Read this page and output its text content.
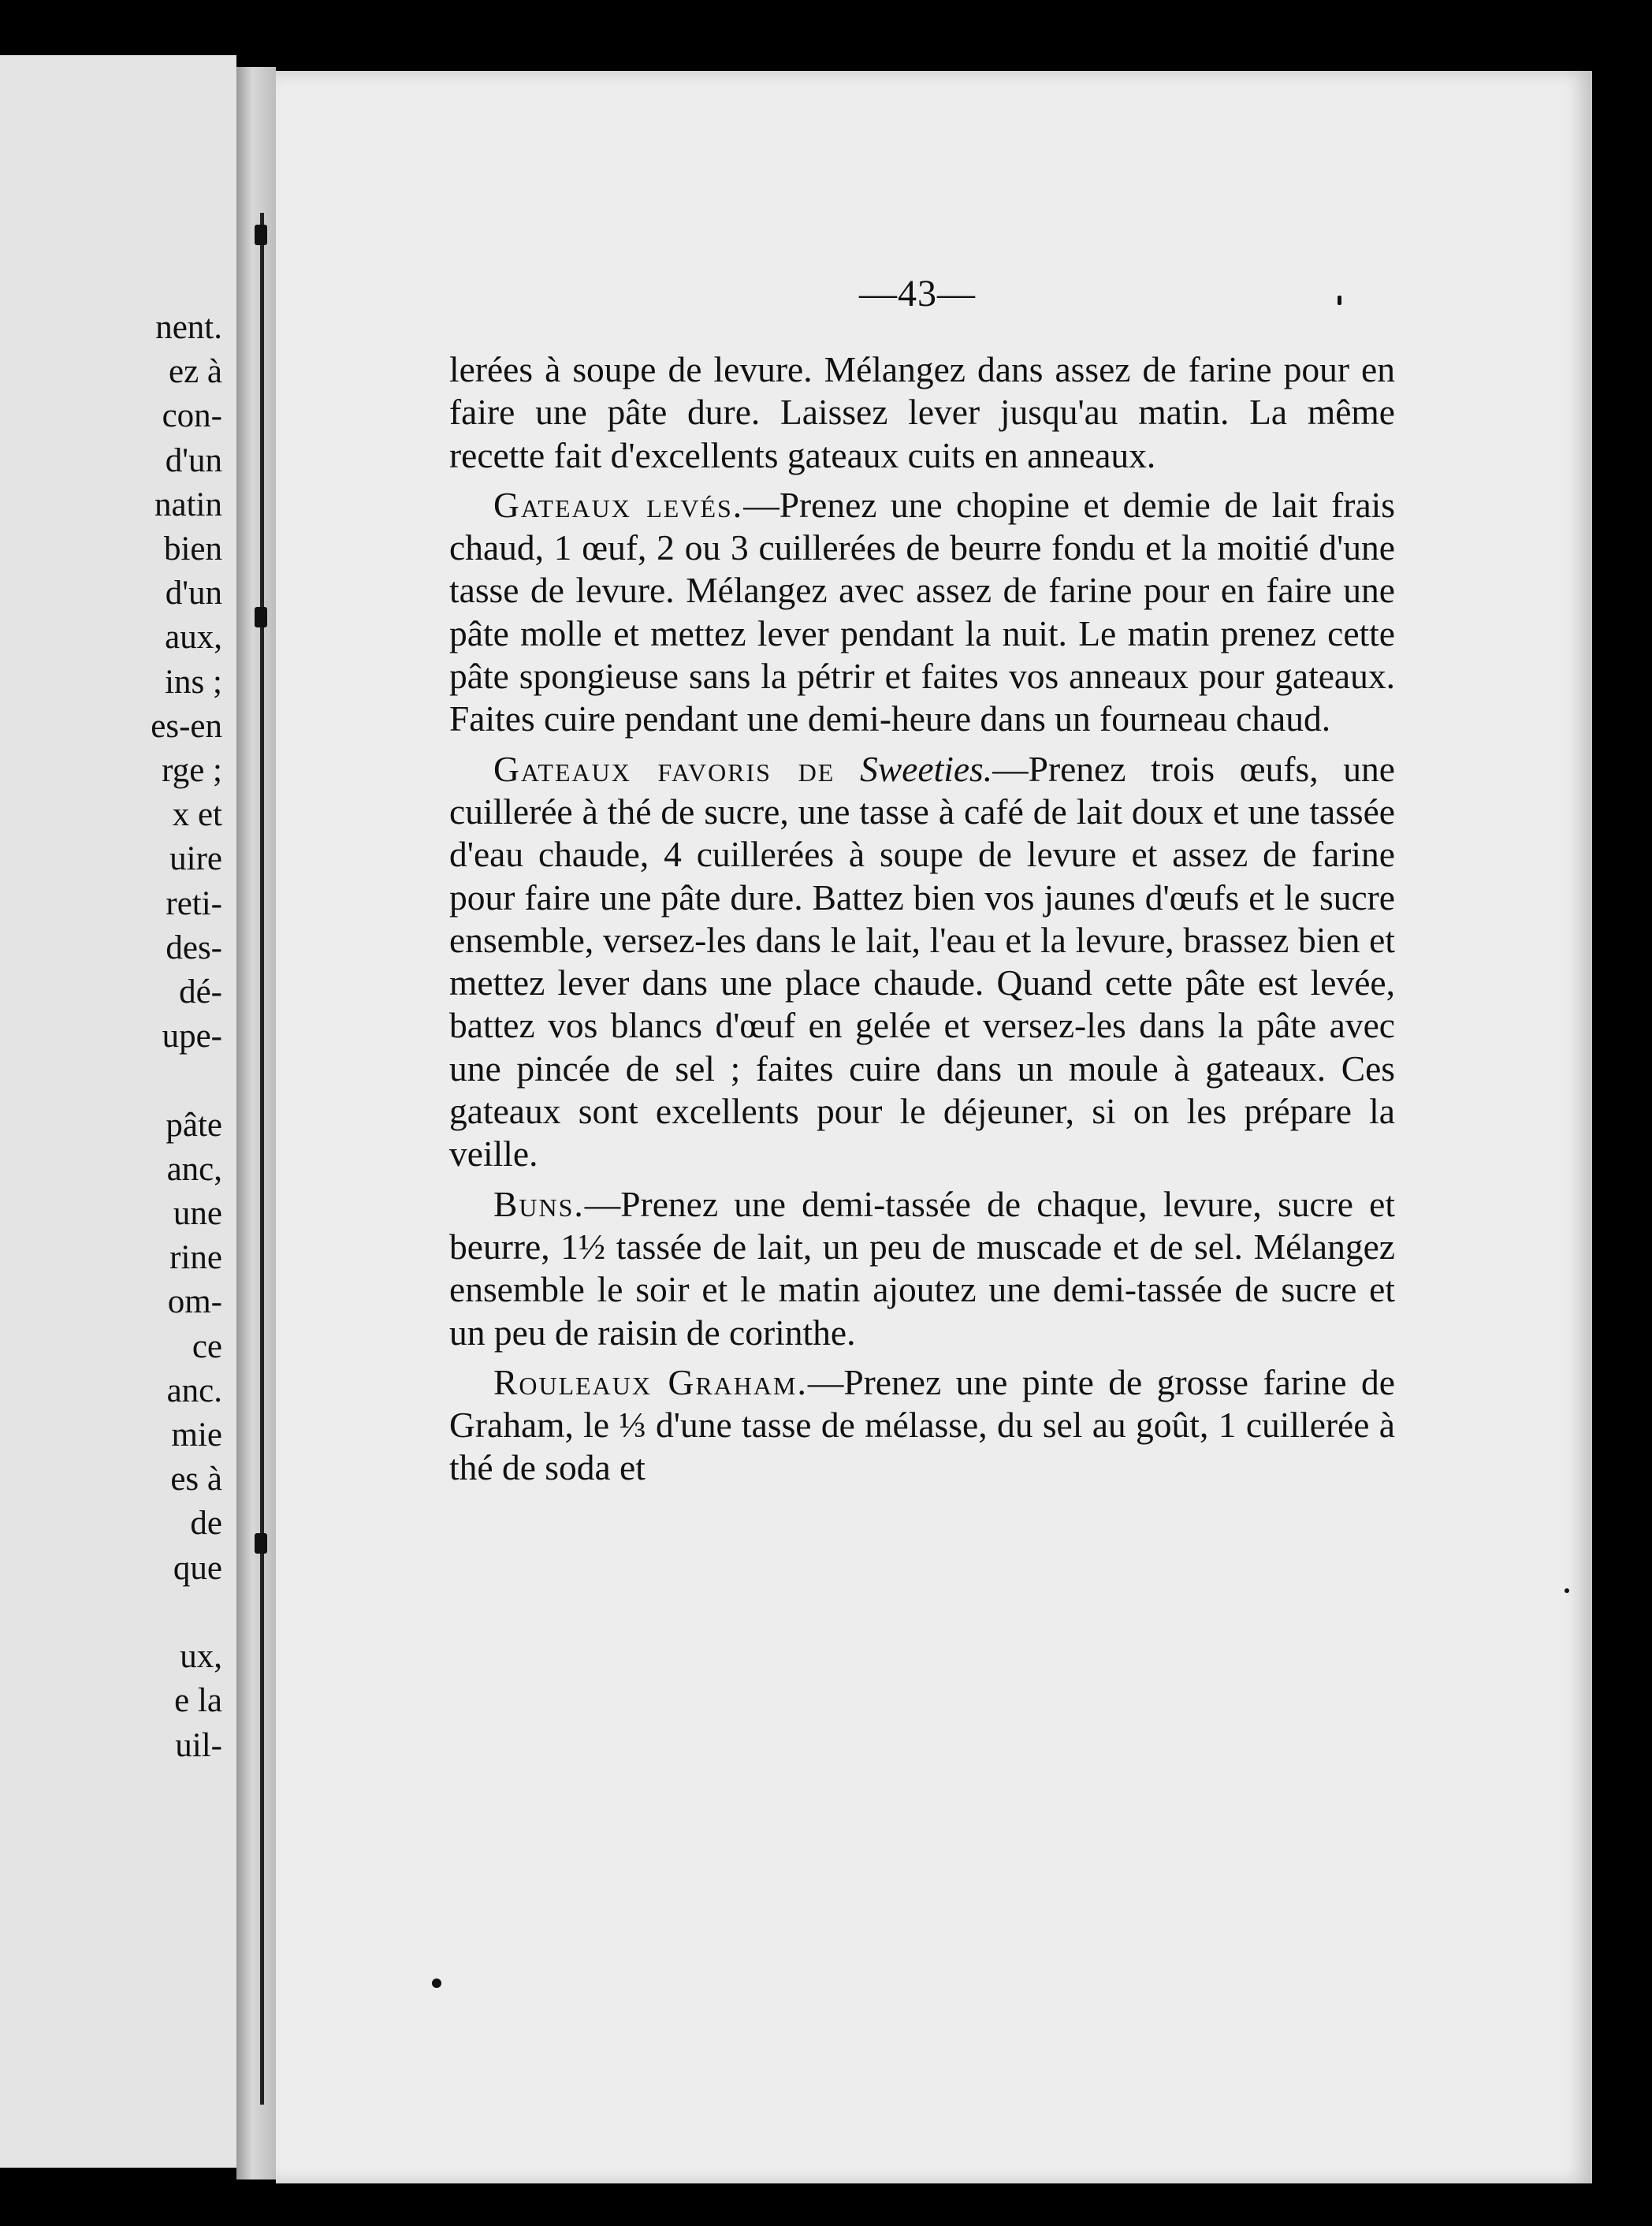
nent.
ez à
con-
d'un
natin
bien
d'un
aux,
ins ;
es-en
rge ;
x et
uire
reti-
des-
dé-
upe-

pâte
anc,
une
rine
om-
ce
anc.
mie
es à
de
que

ux,
e la
uil-
—43—

lerées à soupe de levure. Mélangez dans assez de farine pour en faire une pâte dure. Laissez lever jusqu'au matin. La même recette fait d'excellents gateaux cuits en anneaux.

Gateaux levés.—Prenez une chopine et demie de lait frais chaud, 1 œuf, 2 ou 3 cuillerées de beurre fondu et la moitié d'une tasse de levure. Mélangez avec assez de farine pour en faire une pâte molle et mettez lever pendant la nuit. Le matin prenez cette pâte spongieuse sans la pétrir et faites vos anneaux pour gateaux. Faites cuire pendant une demi-heure dans un fourneau chaud.

Gateaux favoris de Sweeties.—Prenez trois œufs, une cuillerée à thé de sucre, une tasse à café de lait doux et une tassée d'eau chaude, 4 cuillerées à soupe de levure et assez de farine pour faire une pâte dure. Battez bien vos jaunes d'œufs et le sucre ensemble, versez-les dans le lait, l'eau et la levure, brassez bien et mettez lever dans une place chaude. Quand cette pâte est levée, battez vos blancs d'œuf en gelée et versez-les dans la pâte avec une pincée de sel ; faites cuire dans un moule à gateaux. Ces gateaux sont excellents pour le déjeuner, si on les prépare la veille.

Buns.—Prenez une demi-tassée de chaque, levure, sucre et beurre, 1½ tassée de lait, un peu de muscade et de sel. Mélangez ensemble le soir et le matin ajoutez une demi-tassée de sucre et un peu de raisin de corinthe.

Rouleaux Graham.—Prenez une pinte de grosse farine de Graham, le ⅓ d'une tasse de mélasse, du sel au goût, 1 cuillerée à thé de soda et
